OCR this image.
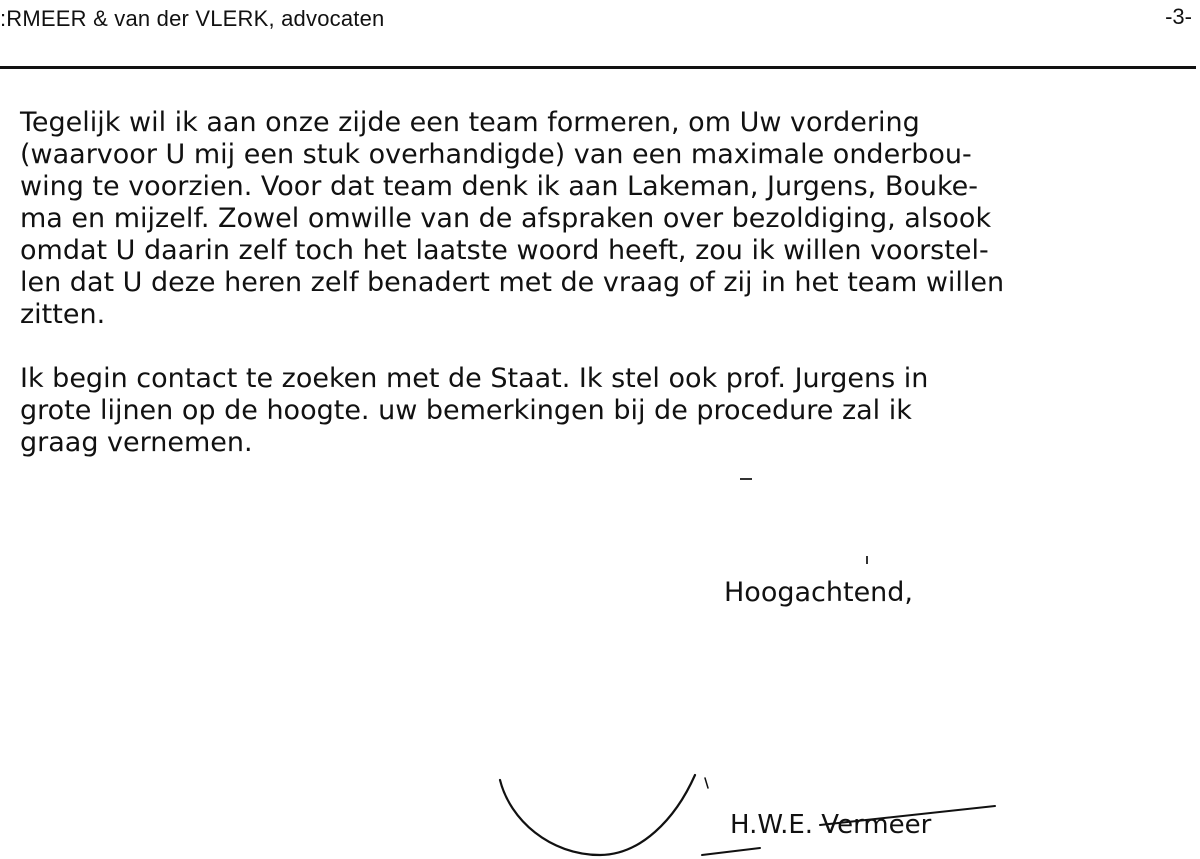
:RMEER & van der VLERK, advocaten	-3-

Tegelijk wil ik aan onze zijde een team formeren, om Uw vordering
(waarvoor U mij een stuk overhandigde) van een maximale onderbou-
wing te voorzien. Voor dat team denk ik aan Lakeman, Jurgens, Bouke-
ma en mijzelf. Zowel omwille van de afspraken over bezoldiging, alsook
omdat U daarin zelf toch het laatste woord heeft, zou ik willen voorstel-
len dat U deze heren zelf benadert met de vraag of zij in het team willen
zitten.

Ik begin contact te zoeken met de Staat. Ik stel ook prof. Jurgens in
grote lijnen op de hoogte. uw bemerkingen bij de procedure zal ik
graag vernemen.

Hoogachtend,
H.W.E. Vermeer
